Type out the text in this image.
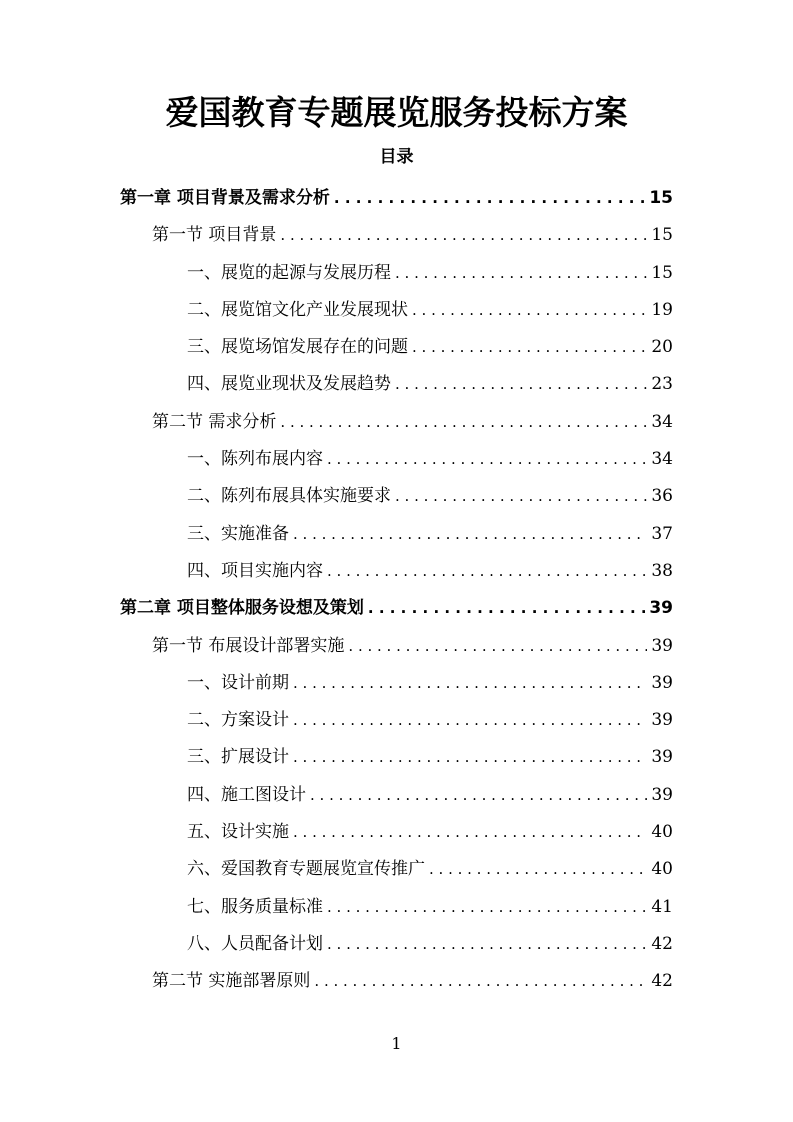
爱国教育专题展览服务投标方案
目录
第一章 项目背景及需求分析 . . .	15
第一节 项目背景 . . .	15
一、展览的起源与发展历程 . . .	15
二、展览馆文化产业发展现状 . . .	19
三、展览场馆发展存在的问题 . . .	20
四、展览业现状及发展趋势 . . .	23
第二节 需求分析 . . .	34
一、陈列布展内容 . . .	34
二、陈列布展具体实施要求 . . .	36
三、实施准备 . . .	37
四、项目实施内容 . . .	38
第二章 项目整体服务设想及策划 . . .	39
第一节 布展设计部署实施 . . .	39
一、设计前期 . . .	39
二、方案设计 . . .	39
三、扩展设计 . . .	39
四、施工图设计 . . .	39
五、设计实施 . . .	40
六、爱国教育专题展览宣传推广 . . .	40
七、服务质量标准 . . .	41
八、人员配备计划 . . .	42
第二节 实施部署原则 . . .	42
1
